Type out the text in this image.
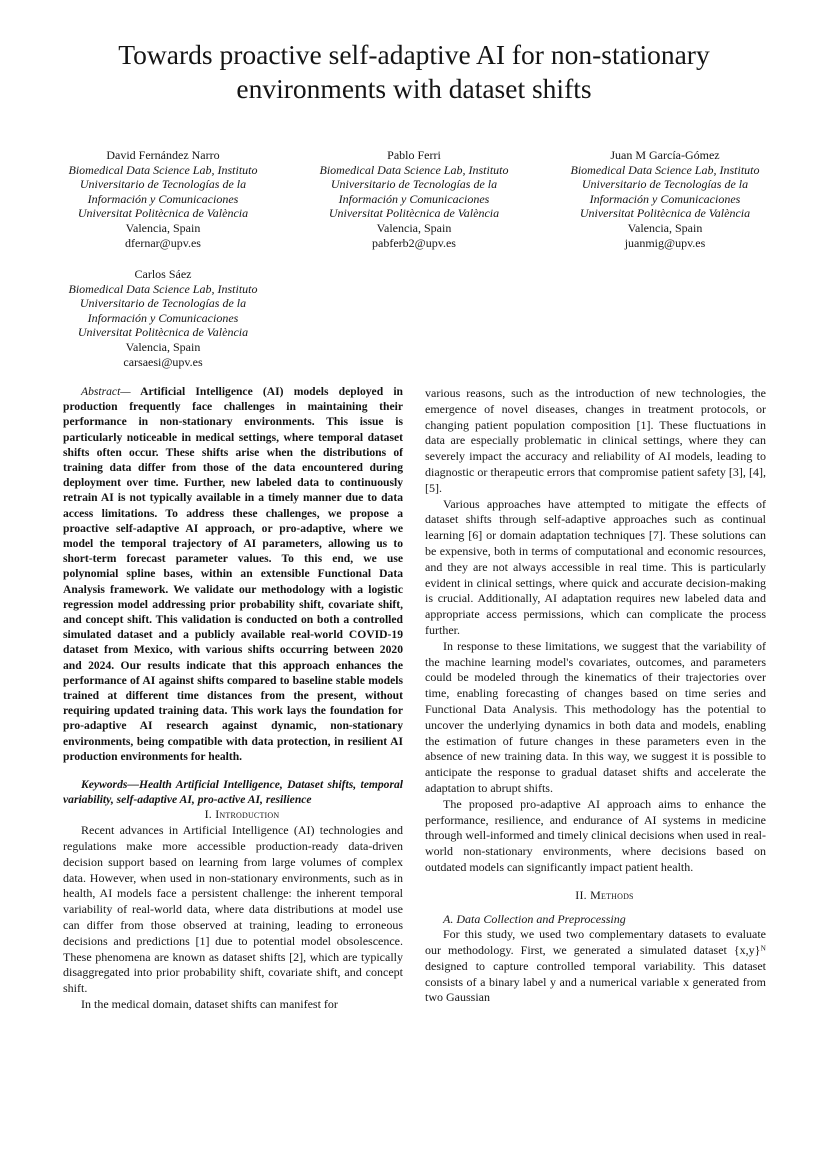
Towards proactive self-adaptive AI for non-stationary environments with dataset shifts
David Fernández Narro
Biomedical Data Science Lab, Instituto
Universitario de Tecnologías de la
Información y Comunicaciones
Universitat Politècnica de València
Valencia, Spain
dfernar@upv.es
Pablo Ferri
Biomedical Data Science Lab, Instituto
Universitario de Tecnologías de la
Información y Comunicaciones
Universitat Politècnica de València
Valencia, Spain
pabferb2@upv.es
Juan M García-Gómez
Biomedical Data Science Lab, Instituto
Universitario de Tecnologías de la
Información y Comunicaciones
Universitat Politècnica de València
Valencia, Spain
juanmig@upv.es
Carlos Sáez
Biomedical Data Science Lab, Instituto
Universitario de Tecnologías de la
Información y Comunicaciones
Universitat Politècnica de València
Valencia, Spain
carsaesi@upv.es

Abstract— Artificial Intelligence (AI) models deployed in production frequently face challenges in maintaining their performance in non-stationary environments. This issue is particularly noticeable in medical settings, where temporal dataset shifts often occur. These shifts arise when the distributions of training data differ from those of the data encountered during deployment over time. Further, new labeled data to continuously retrain AI is not typically available in a timely manner due to data access limitations. To address these challenges, we propose a proactive self-adaptive AI approach, or pro-adaptive, where we model the temporal trajectory of AI parameters, allowing us to short-term forecast parameter values. To this end, we use polynomial spline bases, within an extensible Functional Data Analysis framework. We validate our methodology with a logistic regression model addressing prior probability shift, covariate shift, and concept shift. This validation is conducted on both a controlled simulated dataset and a publicly available real-world COVID-19 dataset from Mexico, with various shifts occurring between 2020 and 2024. Our results indicate that this approach enhances the performance of AI against shifts compared to baseline stable models trained at different time distances from the present, without requiring updated training data. This work lays the foundation for pro-adaptive AI research against dynamic, non-stationary environments, being compatible with data protection, in resilient AI production environments for health.

Keywords—Health Artificial Intelligence, Dataset shifts, temporal variability, self-adaptive AI, pro-active AI, resilience

I. Introduction

Recent advances in Artificial Intelligence (AI) technologies and regulations make more accessible production-ready data-driven decision support based on learning from large volumes of complex data. However, when used in non-stationary environments, such as in health, AI models face a persistent challenge: the inherent temporal variability of real-world data, where data distributions at model use can differ from those observed at training, leading to erroneous decisions and predictions [1] due to potential model obsolescence. These phenomena are known as dataset shifts [2], which are typically disaggregated into prior probability shift, covariate shift, and concept shift.

In the medical domain, dataset shifts can manifest for

various reasons, such as the introduction of new technologies, the emergence of novel diseases, changes in treatment protocols, or changing patient population composition [1]. These fluctuations in data are especially problematic in clinical settings, where they can severely impact the accuracy and reliability of AI models, leading to diagnostic or therapeutic errors that compromise patient safety [3], [4], [5].

Various approaches have attempted to mitigate the effects of dataset shifts through self-adaptive approaches such as continual learning [6] or domain adaptation techniques [7]. These solutions can be expensive, both in terms of computational and economic resources, and they are not always accessible in real time. This is particularly evident in clinical settings, where quick and accurate decision-making is crucial. Additionally, AI adaptation requires new labeled data and appropriate access permissions, which can complicate the process further.

In response to these limitations, we suggest that the variability of the machine learning model's covariates, outcomes, and parameters could be modeled through the kinematics of their trajectories over time, enabling forecasting of changes based on time series and Functional Data Analysis. This methodology has the potential to uncover the underlying dynamics in both data and models, enabling the estimation of future changes in these parameters even in the absence of new training data. In this way, we suggest it is possible to anticipate the response to gradual dataset shifts and accelerate the adaptation to abrupt shifts.

The proposed pro-adaptive AI approach aims to enhance the performance, resilience, and endurance of AI systems in medicine through well-informed and timely clinical decisions when used in real-world non-stationary environments, where decisions based on outdated models can significantly impact patient health.

II. Methods

A. Data Collection and Preprocessing

For this study, we used two complementary datasets to evaluate our methodology. First, we generated a simulated dataset {x,y}ᴺ designed to capture controlled temporal variability. This dataset consists of a binary label y and a numerical variable x generated from two Gaussian
